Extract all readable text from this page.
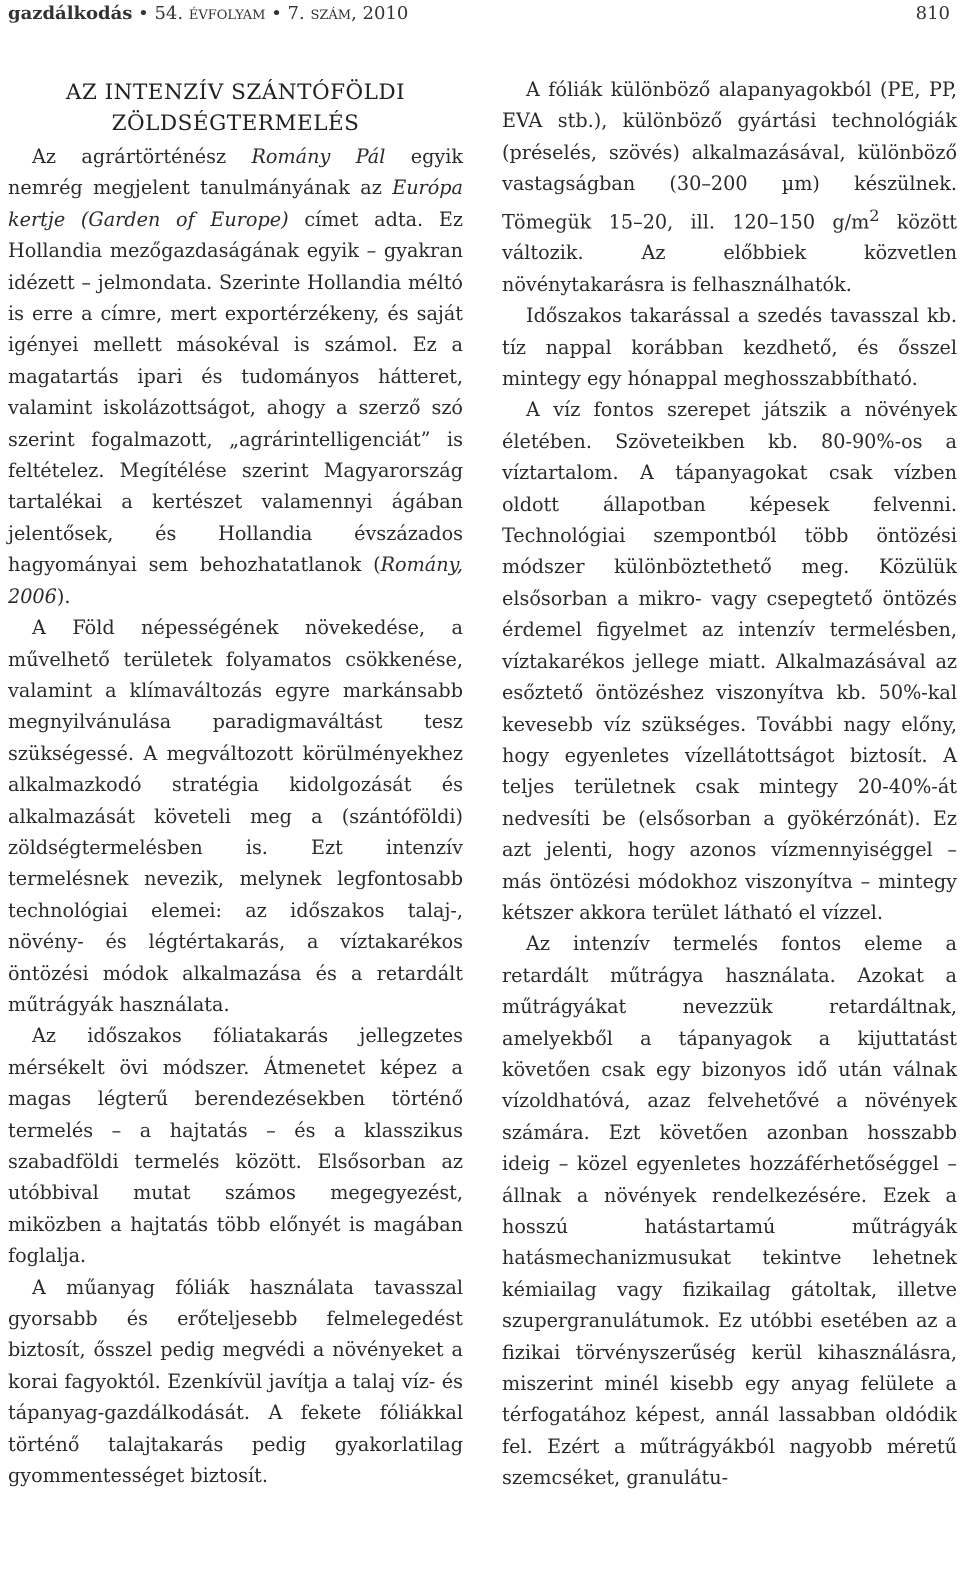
gazdálkodás • 54. évfolyam • 7. szám, 2010	810

AZ INTENZÍV SZÁNTÓFÖLDI ZÖLDSÉGTERMELÉS

Az agrártörténész Romány Pál egyik nemrég megjelent tanulmányának az Európa kertje (Garden of Europe) címet adta. Ez Hollandia mezőgazdaságának egyik – gyakran idézett – jelmondata. Szerinte Hollandia méltó is erre a címre, mert exportérzékeny, és saját igényei mellett másokéval is számol. Ez a magatartás ipari és tudományos hátteret, valamint iskolázottságot, ahogy a szerző szó szerint fogalmazott, „agrárintelligenciát” is feltételez. Megítélése szerint Magyarország tartalékai a kertészet valamennyi ágában jelentősek, és Hollandia évszázados hagyományai sem behozhatatlanok (Romány, 2006).

A Föld népességének növekedése, a művelhető területek folyamatos csökkenése, valamint a klímaváltozás egyre markánsabb megnyilvánulása paradigmaváltást tesz szükségessé. A megváltozott körülményekhez alkalmazkodó stratégia kidolgozását és alkalmazását követeli meg a (szántóföldi) zöldségtermelésben is. Ezt intenzív termelésnek nevezik, melynek legfontosabb technológiai elemei: az időszakos talaj-, növény- és légtértakarás, a víztakarékos öntözési módok alkalmazása és a retardált műtrágyák használata.

Az időszakos fóliatakarás jellegzetes mérsékelt övi módszer. Átmenetet képez a magas légterű berendezésekben történő termelés – a hajtatás – és a klasszikus szabadföldi termelés között. Elsősorban az utóbbival mutat számos megegyezést, miközben a hajtatás több előnyét is magában foglalja.

A műanyag fóliák használata tavasszal gyorsabb és erőteljesebb felmelegedést biztosít, ősszel pedig megvédi a növényeket a korai fagyoktól. Ezenkívül javítja a talaj víz- és tápanyag-gazdálkodását. A fekete fóliákkal történő talajtakarás pedig gyakorlatilag gyommentességet biztosít.

A fóliák különböző alapanyagokból (PE, PP, EVA stb.), különböző gyártási technológiák (préselés, szövés) alkalmazásával, különböző vastagságban (30–200 µm) készülnek. Tömegük 15–20, ill. 120–150 $g/m^2$ között változik. Az előbbiek közvetlen növénytakarásra is felhasználhatók.

Időszakos takarással a szedés tavasszal kb. tíz nappal korábban kezdhető, és ősszel mintegy egy hónappal meghosszabbítható.

A víz fontos szerepet játszik a növények életében. Szöveteikben kb. 80-90%-os a víztartalom. A tápanyagokat csak vízben oldott állapotban képesek felvenni. Technológiai szempontból több öntözési módszer különböztethető meg. Közülük elsősorban a mikro- vagy csepegtető öntözés érdemel figyelmet az intenzív termelésben, víztakarékos jellege miatt. Alkalmazásával az esőztető öntözéshez viszonyítva kb. 50%-kal kevesebb víz szükséges. További nagy előny, hogy egyenletes vízellátottságot biztosít. A teljes területnek csak mintegy 20-40%-át nedvesíti be (elsősorban a gyökérzónát). Ez azt jelenti, hogy azonos vízmennyiséggel – más öntözési módokhoz viszonyítva – mintegy kétszer akkora terület látható el vízzel.

Az intenzív termelés fontos eleme a retardált műtrágya használata. Azokat a műtrágyákat nevezzük retardáltnak, amelyekből a tápanyagok a kijuttatást követően csak egy bizonyos idő után válnak vízoldhatóvá, azaz felvehetővé a növények számára. Ezt követően azonban hosszabb ideig – közel egyenletes hozzáférhetőséggel – állnak a növények rendelkezésére. Ezek a hosszú hatástartamú műtrágyák hatásmechanizmusukat tekintve lehetnek kémiailag vagy fizikailag gátoltak, illetve szupergranulátumok. Ez utóbbi esetében az a fizikai törvényszerűség kerül kihasználásra, miszerint minél kisebb egy anyag felülete a térfogatához képest, annál lassabban oldódik fel. Ezért a műtrágyákból nagyobb méretű szemcséket, granulátu-
